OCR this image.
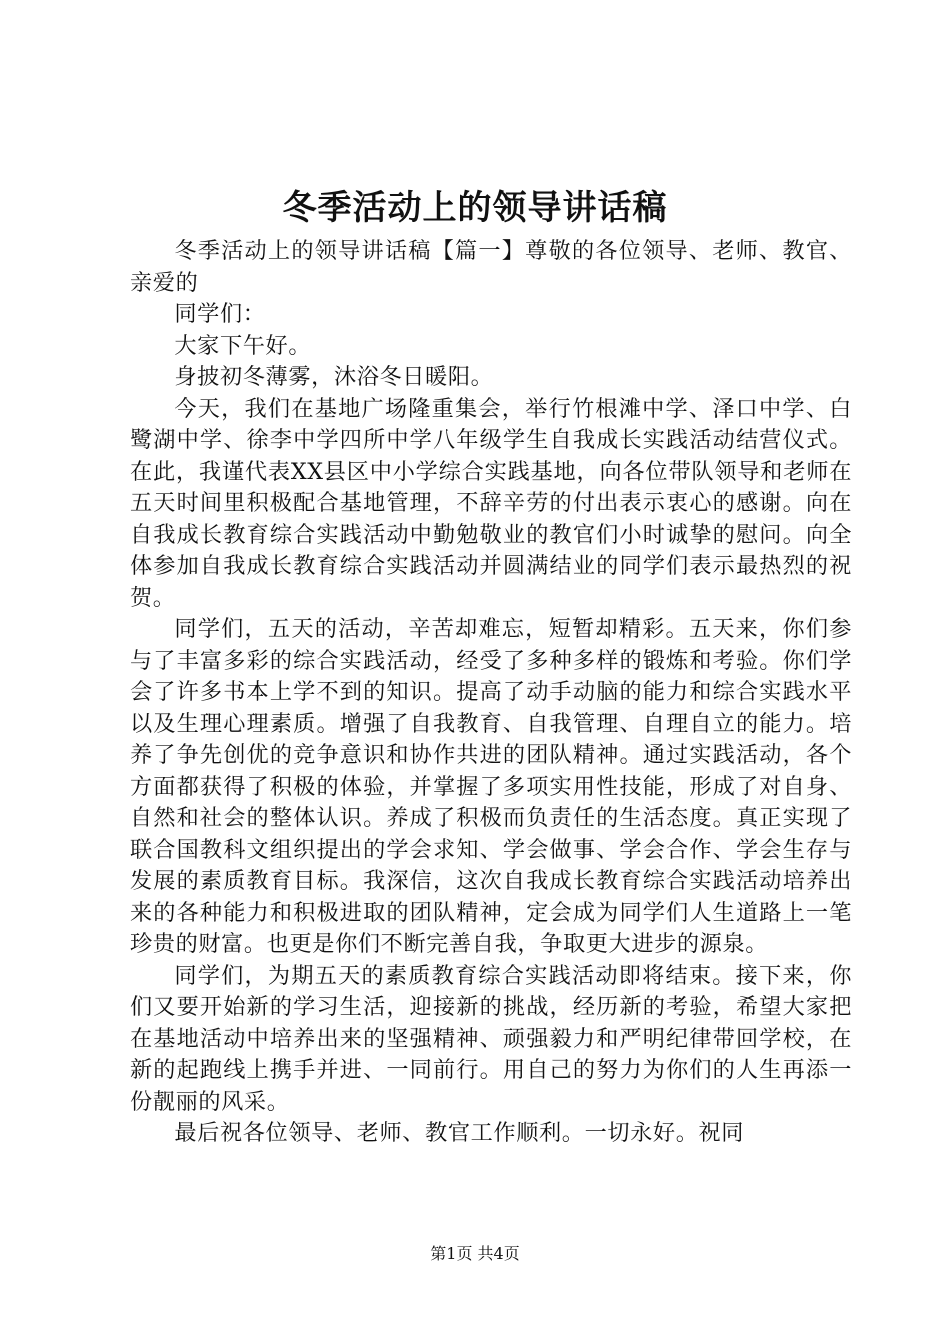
冬季活动上的领导讲话稿

冬季活动上的领导讲话稿【篇一】尊敬的各位领导、老师、教官、亲爱的

同学们：

大家下午好。

身披初冬薄雾，沐浴冬日暖阳。

今天，我们在基地广场隆重集会，举行竹根滩中学、泽口中学、白鹭湖中学、徐李中学四所中学八年级学生自我成长实践活动结营仪式。在此，我谨代表XX县区中小学综合实践基地，向各位带队领导和老师在五天时间里积极配合基地管理，不辞辛劳的付出表示衷心的感谢。向在自我成长教育综合实践活动中勤勉敬业的教官们小时诚挚的慰问。向全体参加自我成长教育综合实践活动并圆满结业的同学们表示最热烈的祝贺。

同学们，五天的活动，辛苦却难忘，短暂却精彩。五天来，你们参与了丰富多彩的综合实践活动，经受了多种多样的锻炼和考验。你们学会了许多书本上学不到的知识。提高了动手动脑的能力和综合实践水平以及生理心理素质。增强了自我教育、自我管理、自理自立的能力。培养了争先创优的竞争意识和协作共进的团队精神。通过实践活动，各个方面都获得了积极的体验，并掌握了多项实用性技能，形成了对自身、自然和社会的整体认识。养成了积极而负责任的生活态度。真正实现了联合国教科文组织提出的学会求知、学会做事、学会合作、学会生存与发展的素质教育目标。我深信，这次自我成长教育综合实践活动培养出来的各种能力和积极进取的团队精神，定会成为同学们人生道路上一笔珍贵的财富。也更是你们不断完善自我，争取更大进步的源泉。

同学们，为期五天的素质教育综合实践活动即将结束。接下来，你们又要开始新的学习生活，迎接新的挑战，经历新的考验，希望大家把在基地活动中培养出来的坚强精神、顽强毅力和严明纪律带回学校，在新的起跑线上携手并进、一同前行。用自己的努力为你们的人生再添一份靓丽的风采。

最后祝各位领导、老师、教官工作顺利。一切永好。祝同

第1页 共4页
